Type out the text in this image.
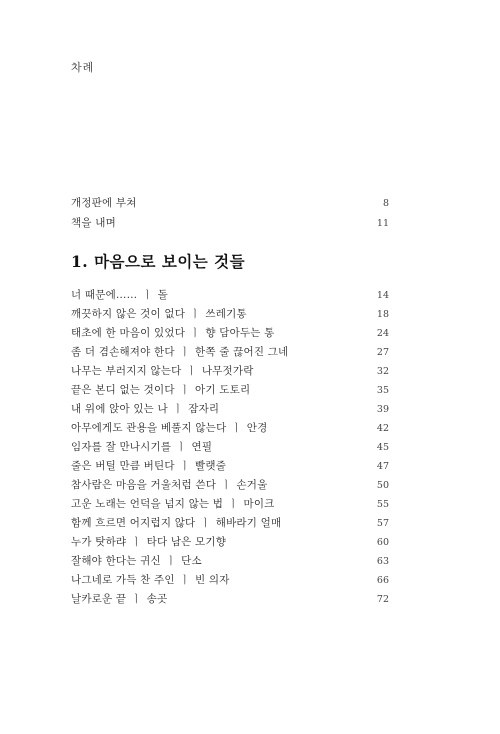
차례
개정판에 부쳐	8
책을 내며	11
1. 마음으로 보이는 것들
너 때문에…… ㅣ 돌	14
깨끗하지 않은 것이 없다 ㅣ 쓰레기통	18
태초에 한 마음이 있었다 ㅣ 향 담아두는 통	24
좀 더 겸손해져야 한다 ㅣ 한쪽 줄 끊어진 그네	27
나무는 부러지지 않는다 ㅣ 나무젓가락	32
끝은 본디 없는 것이다 ㅣ 아기 도토리	35
내 위에 앉아 있는 나 ㅣ 잠자리	39
아무에게도 관용을 베풀지 않는다 ㅣ 안경	42
임자를 잘 만나시기를 ㅣ 연필	45
줄은 버틸 만큼 버틴다 ㅣ 빨랫줄	47
참사람은 마음을 거울처럼 쓴다 ㅣ 손거울	50
고운 노래는 언덕을 넘지 않는 법 ㅣ 마이크	55
함께 흐르면 어지럽지 않다 ㅣ 해바라기 얼매	57
누가 탓하랴 ㅣ 타다 남은 모기향	60
잘해야 한다는 귀신 ㅣ 단소	63
나그네로 가득 찬 주인 ㅣ 빈 의자	66
날카로운 끝 ㅣ 송곳	72
